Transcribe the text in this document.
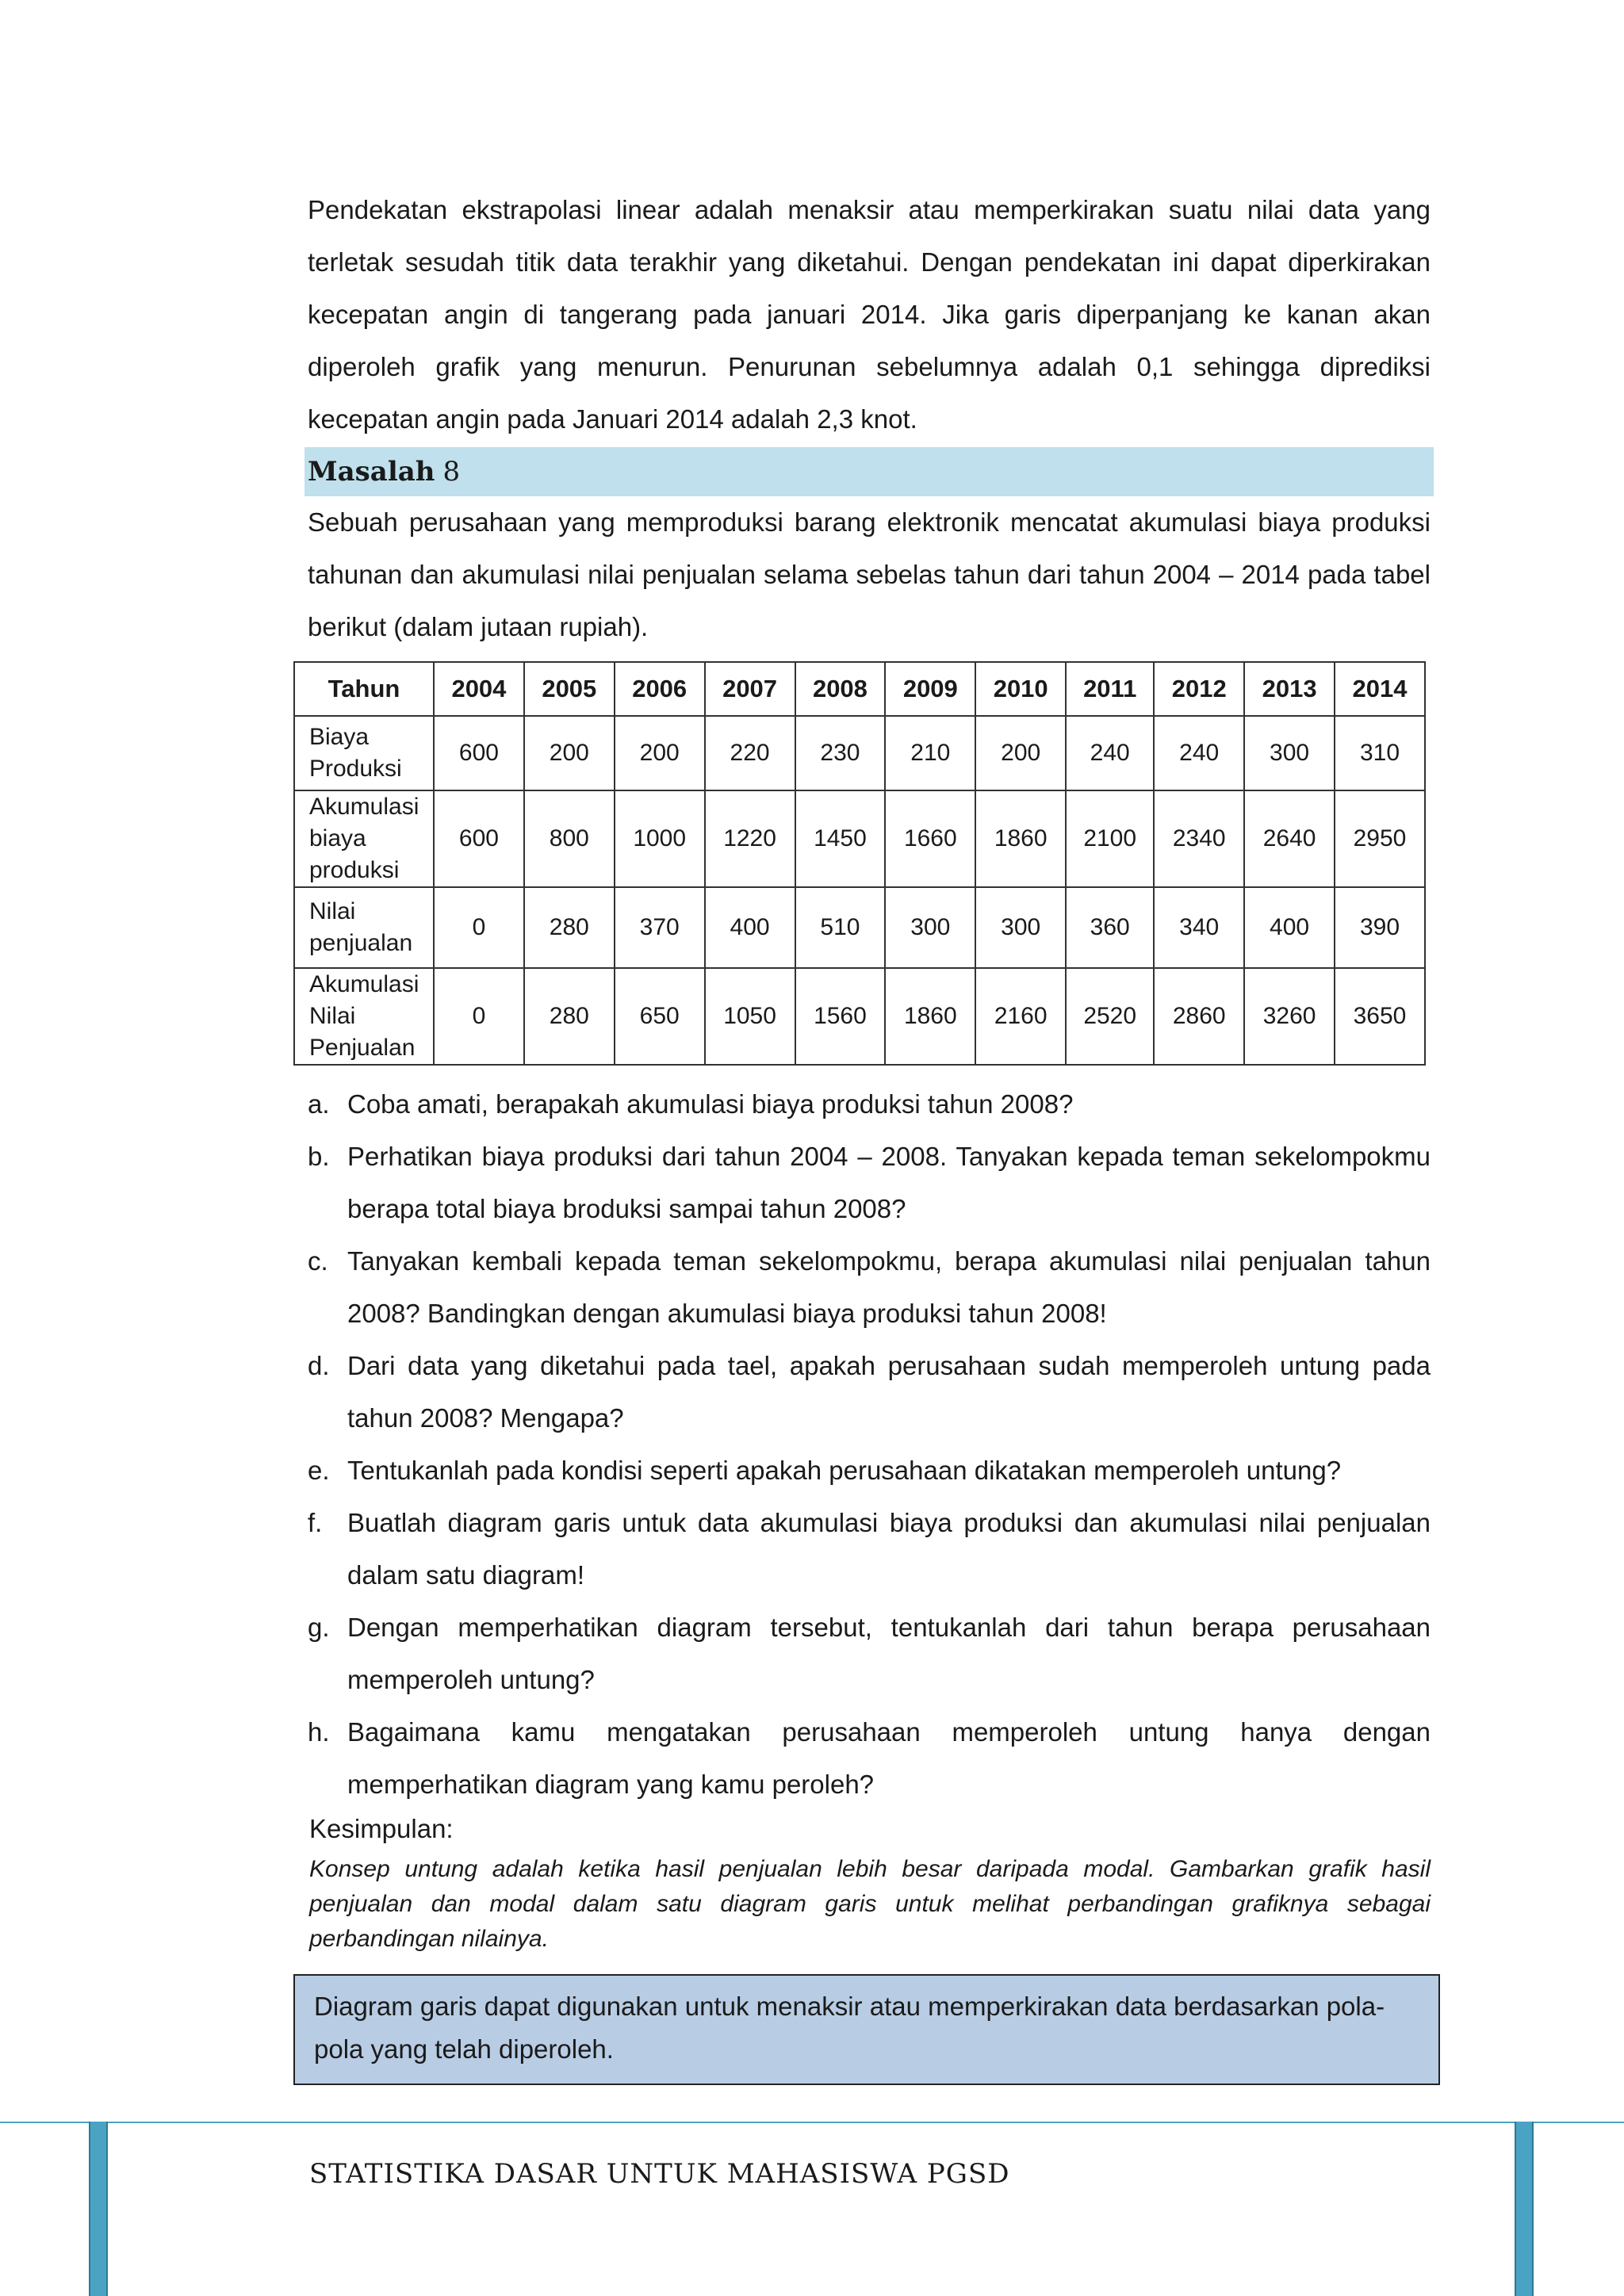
Pendekatan ekstrapolasi linear adalah menaksir atau memperkirakan suatu nilai data yang terletak sesudah titik data terakhir yang diketahui. Dengan pendekatan ini dapat diperkirakan kecepatan angin di tangerang pada januari 2014. Jika garis diperpanjang ke kanan akan diperoleh grafik yang menurun. Penurunan sebelumnya adalah 0,1 sehingga diprediksi kecepatan angin pada Januari 2014 adalah 2,3 knot.

Masalah 8

Sebuah perusahaan yang memproduksi barang elektronik mencatat akumulasi biaya produksi tahunan dan akumulasi nilai penjualan selama sebelas tahun dari tahun 2004 – 2014 pada tabel berikut (dalam jutaan rupiah).

Tahun	2004	2005	2006	2007	2008	2009	2010	2011	2012	2013	2014
Biaya
Produksi	600	200	200	220	230	210	200	240	240	300	310
Akumulasi
biaya
produksi	600	800	1000	1220	1450	1660	1860	2100	2340	2640	2950
Nilai
penjualan	0	280	370	400	510	300	300	360	340	400	390
Akumulasi
Nilai
Penjualan	0	280	650	1050	1560	1860	2160	2520	2860	3260	3650
a. Coba amati, berapakah akumulasi biaya produksi tahun 2008?
b. Perhatikan biaya produksi dari tahun 2004 – 2008. Tanyakan kepada teman sekelompokmu berapa total biaya broduksi sampai tahun 2008?
c. Tanyakan kembali kepada teman sekelompokmu, berapa akumulasi nilai penjualan tahun 2008? Bandingkan dengan akumulasi biaya produksi tahun 2008!
d. Dari data yang diketahui pada tael, apakah perusahaan sudah memperoleh untung pada tahun 2008? Mengapa?
e. Tentukanlah pada kondisi seperti apakah perusahaan dikatakan memperoleh untung?
f. Buatlah diagram garis untuk data akumulasi biaya produksi dan akumulasi nilai penjualan dalam satu diagram!
g. Dengan memperhatikan diagram tersebut, tentukanlah dari tahun berapa perusahaan memperoleh untung?
h. Bagaimana kamu mengatakan perusahaan memperoleh untung hanya dengan memperhatikan diagram yang kamu peroleh?
Kesimpulan:

Konsep untung adalah ketika hasil penjualan lebih besar daripada modal. Gambarkan grafik hasil penjualan dan modal dalam satu diagram garis untuk melihat perbandingan grafiknya sebagai perbandingan nilainya.

Diagram garis dapat digunakan untuk menaksir atau memperkirakan data berdasarkan pola-pola yang telah diperoleh.
STATISTIKA DASAR UNTUK MAHASISWA PGSD
